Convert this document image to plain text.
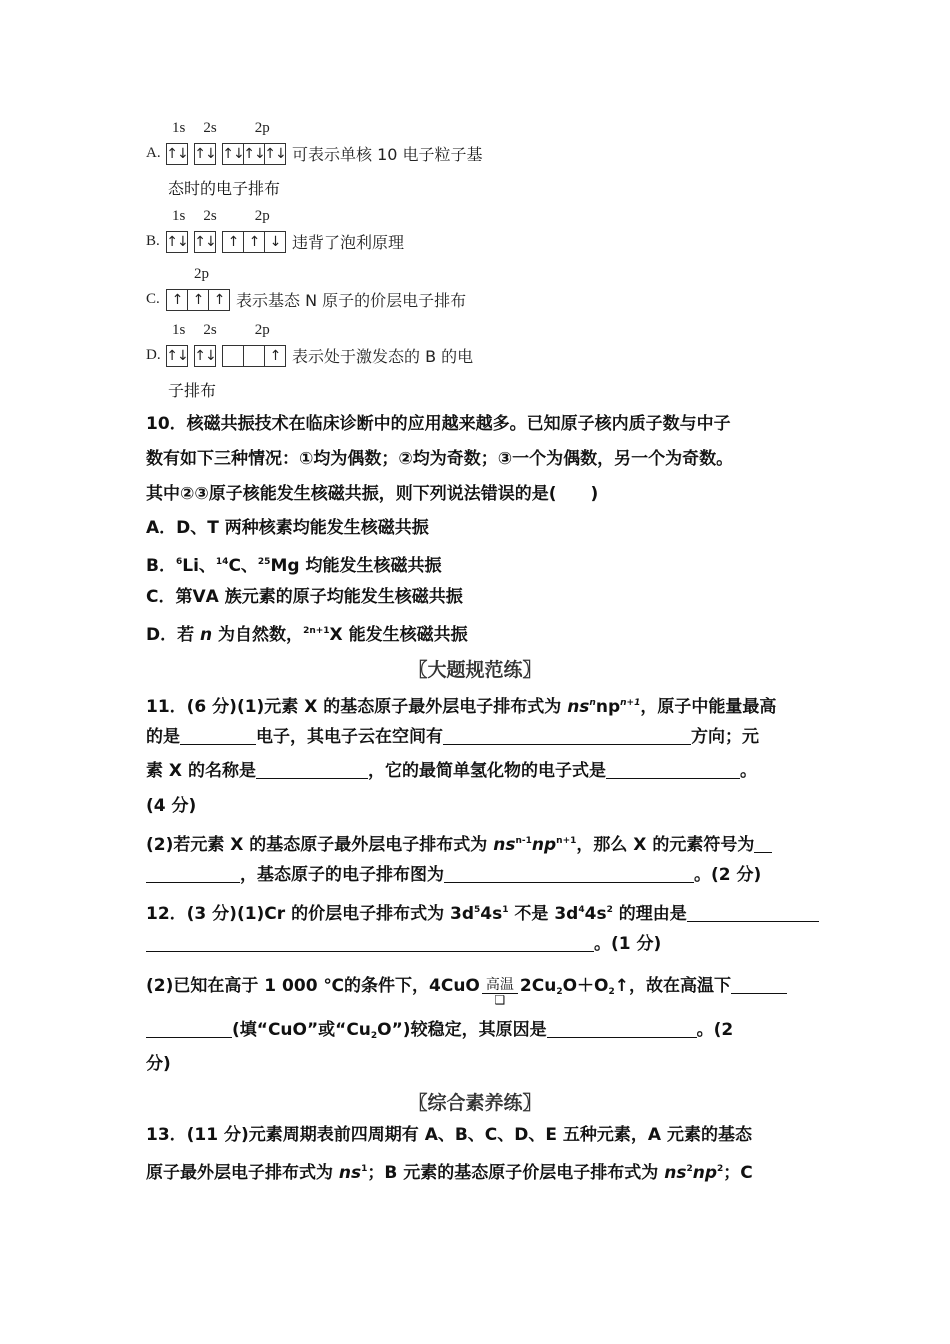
1s 2s	2p
A. ↑↓ ↑↓ ↑↓ ↑↓ ↑↓ 可表示单核 10 电子粒子基
态时的电子排布
1s 2s	2p
B. ↑↓ ↑↓ ↑ ↑ ↓ 违背了泡利原理
2p
C. ↑ ↑ ↑ 表示基态 N 原子的价层电子排布
1s 2s	2p
D. ↑↓ ↑↓	↑ 表示处于激发态的 B 的电
子排布
10．核磁共振技术在临床诊断中的应用越来越多。已知原子核内质子数与中子
数有如下三种情况：①均为偶数；②均为奇数；③一个为偶数，另一个为奇数。
其中②③原子核能发生核磁共振，则下列说法错误的是(　　)
A．D、T 两种核素均能发生核磁共振
B．$^6$Li、$^{14}$C、$^{25}$Mg 均能发生核磁共振
C．第ⅤA 族元素的原子均能发生核磁共振
D．若 n 为自然数，$^{2n+1}$X 能发生核磁共振
〖大题规范练〗
11．(6 分)(1)元素 X 的基态原子最外层电子排布式为 $ns^nnp^{n+1}$，原子中能量最高
的是	电子，其电子云在空间有	方向；元
素 X 的名称是	，它的最简单氢化物的电子式是	。
(4 分)
(2)若元素 X 的基态原子最外层电子排布式为 $ns^{n-1}np^{n+1}$，那么 X 的元素符号为
，基态原子的电子排布图为	。(2 分)
12．(3 分)(1)Cr 的价层电子排布式为 $3d^54s^1$ 不是 $3d^44s^2$ 的理由是
。(1 分)
(2)已知在高于 1 000 ℃的条件下，4CuO 高温
❑
$2Cu_2O+O_2↑$，故在高温下
(填“CuO”或“$Cu_2O$”)较稳定，其原因是	。(2
分)
〖综合素养练〗
13．(11 分)元素周期表前四周期有 A、B、C、D、E 五种元素，A 元素的基态
原子最外层电子排布式为 $ns^1$；B 元素的基态原子价层电子排布式为 $ns^2np^2$；C
